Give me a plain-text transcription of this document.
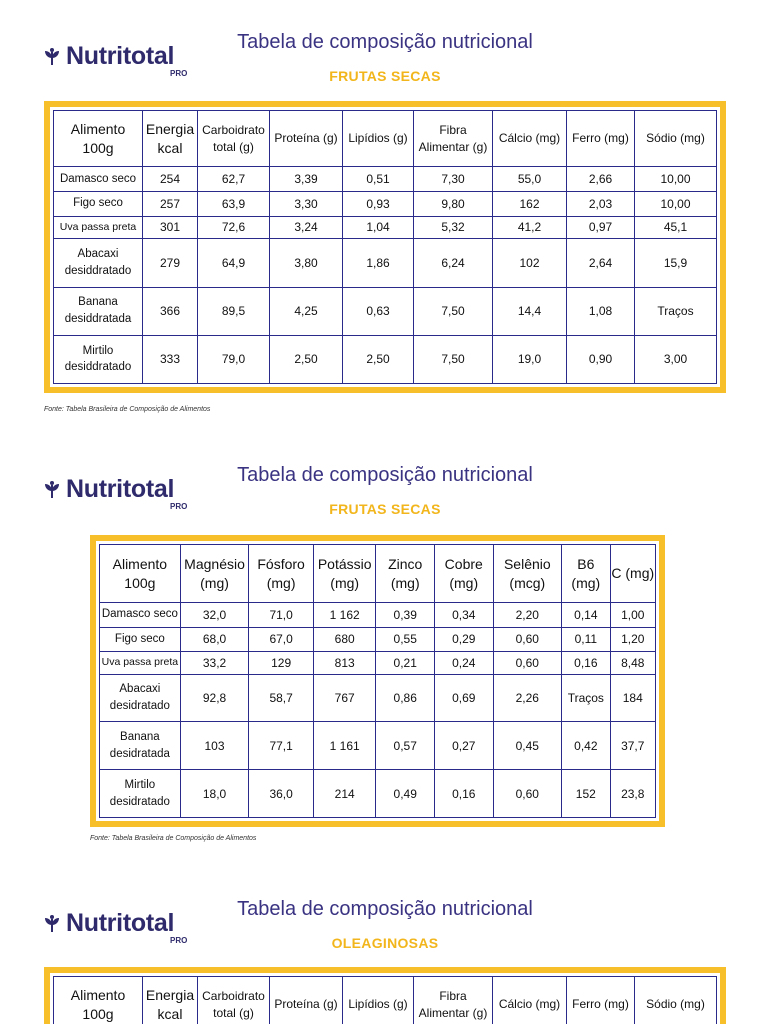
Nutritotal
PRO
Tabela de composição nutricional
FRUTAS SECAS
Alimento 100g	Energia kcal	Carboidrato total (g)	Proteína (g)	Lipídios (g)	Fibra Alimentar (g)	Cálcio (mg)	Ferro (mg)	Sódio (mg)
Damasco seco	254	62,7	3,39	0,51	7,30	55,0	2,66	10,00
Figo seco	257	63,9	3,30	0,93	9,80	162	2,03	10,00
Uva passa preta	301	72,6	3,24	1,04	5,32	41,2	0,97	45,1
Abacaxi desiddratado	279	64,9	3,80	1,86	6,24	102	2,64	15,9
Banana desiddratada	366	89,5	4,25	0,63	7,50	14,4	1,08	Traços
Mirtilo desiddratado	333	79,0	2,50	2,50	7,50	19,0	0,90	3,00
Fonte: Tabela Brasileira de Composição de Alimentos
Nutritotal
PRO
Tabela de composição nutricional
FRUTAS SECAS
Alimento 100g	Magnésio (mg)	Fósforo (mg)	Potássio (mg)	Zinco (mg)	Cobre (mg)	Selênio (mcg)	B6 (mg)	C (mg)
Damasco seco	32,0	71,0	1 162	0,39	0,34	2,20	0,14	1,00
Figo seco	68,0	67,0	680	0,55	0,29	0,60	0,11	1,20
Uva passa preta	33,2	129	813	0,21	0,24	0,60	0,16	8,48
Abacaxi desidratado	92,8	58,7	767	0,86	0,69	2,26	Traços	184
Banana desidratada	103	77,1	1 161	0,57	0,27	0,45	0,42	37,7
Mirtilo desidratado	18,0	36,0	214	0,49	0,16	0,60	152	23,8
Fonte: Tabela Brasileira de Composição de Alimentos
Nutritotal
PRO
Tabela de composição nutricional
OLEAGINOSAS
Alimento 100g	Energia kcal	Carboidrato total (g)	Proteína (g)	Lipídios (g)	Fibra Alimentar (g)	Cálcio (mg)	Ferro (mg)	Sódio (mg)
